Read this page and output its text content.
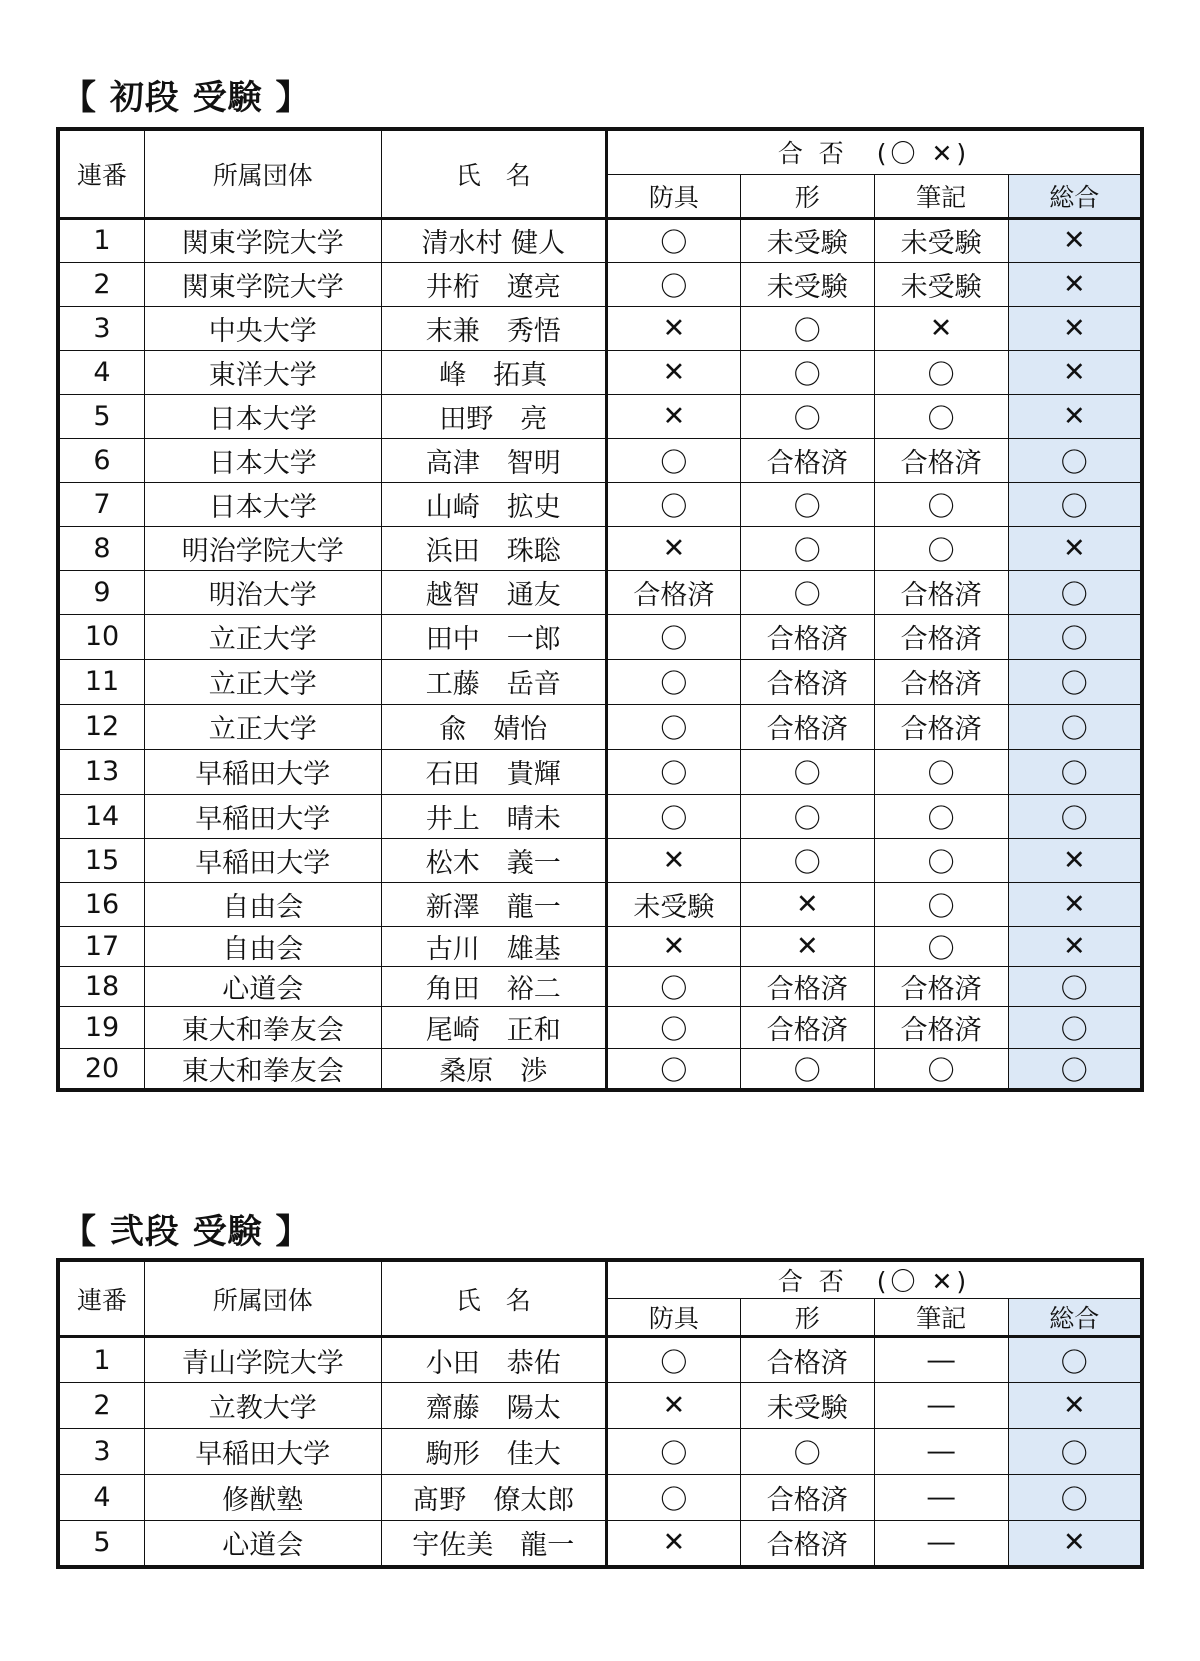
【 初段 受験 】
連番	所属団体	氏　名	合 否　(〇 ✕)			
			防具	形	筆記	総合
1	関東学院大学	清水村 健人	〇	未受験	未受験	✕
2	関東学院大学	井桁　遼亮	〇	未受験	未受験	✕
3	中央大学	末兼　秀悟	✕	〇	✕	✕
4	東洋大学	峰　拓真	✕	〇	〇	✕
5	日本大学	田野　亮	✕	〇	〇	✕
6	日本大学	高津　智明	〇	合格済	合格済	〇
7	日本大学	山崎　拡史	〇	〇	〇	〇
8	明治学院大学	浜田　珠聡	✕	〇	〇	✕
9	明治大学	越智　通友	合格済	〇	合格済	〇
10	立正大学	田中　一郎	〇	合格済	合格済	〇
11	立正大学	工藤　岳音	〇	合格済	合格済	〇
12	立正大学	兪　婧怡	〇	合格済	合格済	〇
13	早稲田大学	石田　貴輝	〇	〇	〇	〇
14	早稲田大学	井上　晴未	〇	〇	〇	〇
15	早稲田大学	松木　義一	✕	〇	〇	✕
16	自由会	新澤　龍一	未受験	✕	〇	✕
17	自由会	古川　雄基	✕	✕	〇	✕
18	心道会	角田　裕二	〇	合格済	合格済	〇
19	東大和拳友会	尾崎　正和	〇	合格済	合格済	〇
20	東大和拳友会	桑原　渉	〇	〇	〇	〇
【 弐段 受験 】
連番	所属団体	氏　名	合 否　(〇 ✕)			
			防具	形	筆記	総合
1	青山学院大学	小田　恭佑	〇	合格済	―	〇
2	立教大学	齋藤　陽太	✕	未受験	―	✕
3	早稲田大学	駒形　佳大	〇	〇	―	〇
4	修猷塾	髙野　僚太郎	〇	合格済	―	〇
5	心道会	宇佐美　龍一	✕	合格済	―	✕
